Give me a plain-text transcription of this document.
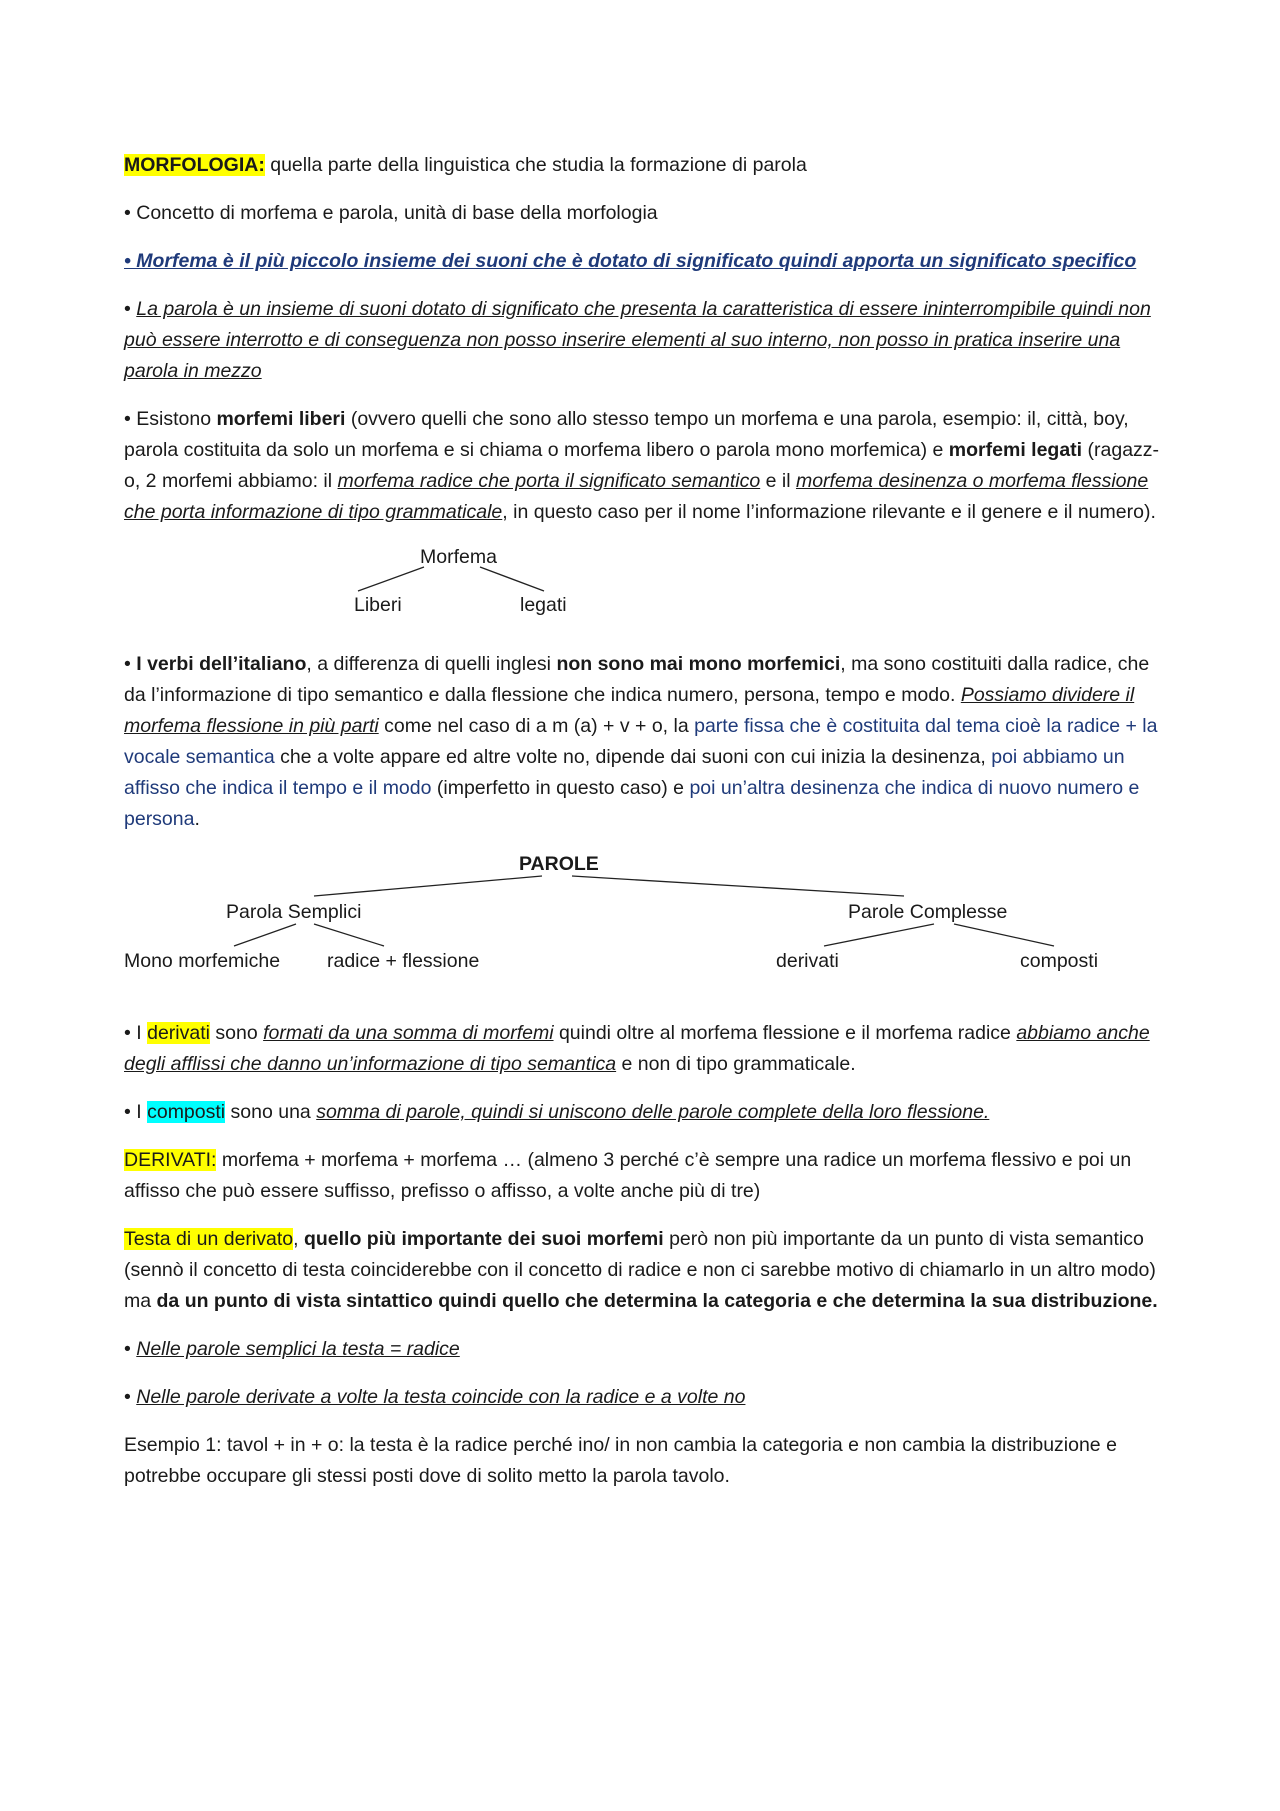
MORFOLOGIA: quella parte della linguistica che studia la formazione di parola

• Concetto di morfema e parola, unità di base della morfologia

• Morfema è il più piccolo insieme dei suoni che è dotato di significato quindi apporta un significato specifico

• La parola è un insieme di suoni dotato di significato che presenta la caratteristica di essere ininterrompibile quindi non può essere interrotto e di conseguenza non posso inserire elementi al suo interno, non posso in pratica inserire una parola in mezzo

• Esistono morfemi liberi (ovvero quelli che sono allo stesso tempo un morfema e una parola, esempio: il, città, boy, parola costituita da solo un morfema e si chiama o morfema libero o parola mono morfemica) e morfemi legati (ragazz-o, 2 morfemi abbiamo: il morfema radice che porta il significato semantico e il morfema desinenza o morfema flessione che porta informazione di tipo grammaticale, in questo caso per il nome l’informazione rilevante e il genere e il numero).

Morfema
Liberi	legati

• I verbi dell’italiano, a differenza di quelli inglesi non sono mai mono morfemici, ma sono costituiti dalla radice, che da l’informazione di tipo semantico e dalla flessione che indica numero, persona, tempo e modo. Possiamo dividere il morfema flessione in più parti come nel caso di a m (a) + v + o, la parte fissa che è costituita dal tema cioè la radice + la vocale semantica che a volte appare ed altre volte no, dipende dai suoni con cui inizia la desinenza, poi abbiamo un affisso che indica il tempo e il modo (imperfetto in questo caso) e poi un’altra desinenza che indica di nuovo numero e persona.

PAROLE
Parola Semplici	Parole Complesse
Mono morfemiche radice + flessione	derivati	composti

• I derivati sono formati da una somma di morfemi quindi oltre al morfema flessione e il morfema radice abbiamo anche degli afflissi che danno un’informazione di tipo semantica e non di tipo grammaticale.

• I composti sono una somma di parole, quindi si uniscono delle parole complete della loro flessione.

DERIVATI: morfema + morfema + morfema … (almeno 3 perché c’è sempre una radice un morfema flessivo e poi un affisso che può essere suffisso, prefisso o affisso, a volte anche più di tre)

Testa di un derivato, quello più importante dei suoi morfemi però non più importante da un punto di vista semantico (sennò il concetto di testa coinciderebbe con il concetto di radice e non ci sarebbe motivo di chiamarlo in un altro modo) ma da un punto di vista sintattico quindi quello che determina la categoria e che determina la sua distribuzione.

• Nelle parole semplici la testa = radice

• Nelle parole derivate a volte la testa coincide con la radice e a volte no

Esempio 1: tavol + in + o: la testa è la radice perché ino/ in non cambia la categoria e non cambia la distribuzione e potrebbe occupare gli stessi posti dove di solito metto la parola tavolo.
